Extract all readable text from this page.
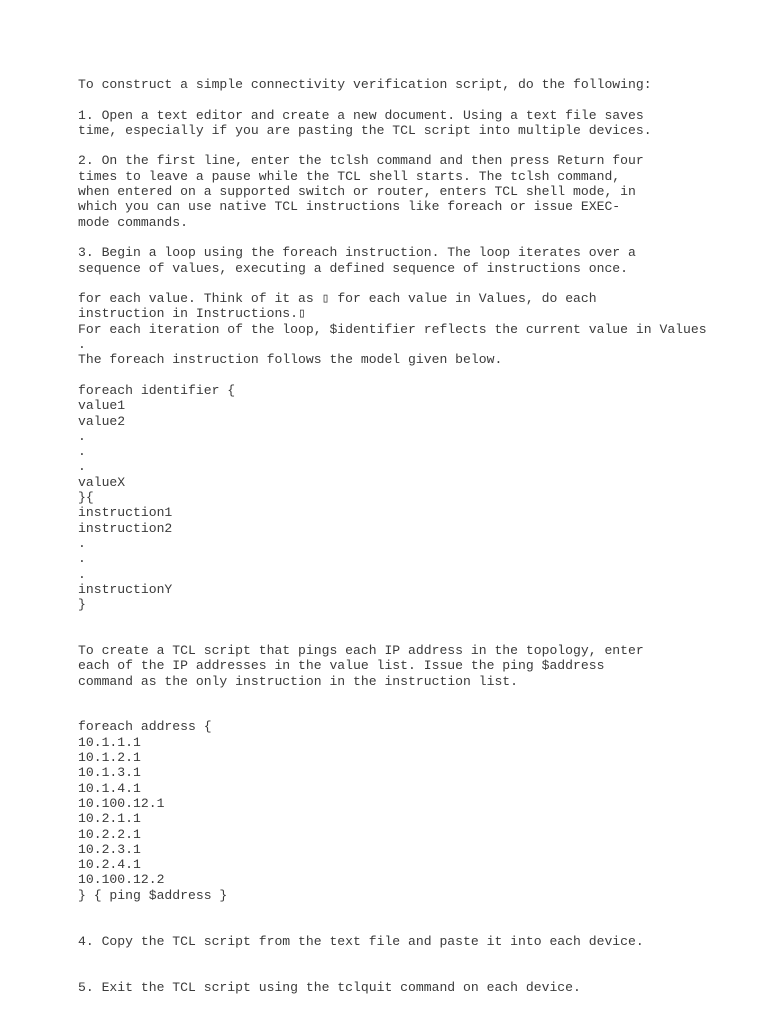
To construct a simple connectivity verification script, do the following:
1. Open a text editor and create a new document. Using a text file saves
time, especially if you are pasting the TCL script into multiple devices.
2. On the first line, enter the tclsh command and then press Return four
times to leave a pause while the TCL shell starts. The tclsh command,
when entered on a supported switch or router, enters TCL shell mode, in
which you can use native TCL instructions like foreach or issue EXEC-
mode commands.
3. Begin a loop using the foreach instruction. The loop iterates over a
sequence of values, executing a defined sequence of instructions once.
for each value. Think of it as ▯ for each value in Values, do each
instruction in Instructions.▯
For each iteration of the loop, $identifier reflects the current value in Values
.
The foreach instruction follows the model given below.
foreach identifier {
value1
value2
.
.
.
valueX
}{
instruction1
instruction2
.
.
.
instructionY
}
To create a TCL script that pings each IP address in the topology, enter
each of the IP addresses in the value list. Issue the ping $address
command as the only instruction in the instruction list.
foreach address {
10.1.1.1
10.1.2.1
10.1.3.1
10.1.4.1
10.100.12.1
10.2.1.1
10.2.2.1
10.2.3.1
10.2.4.1
10.100.12.2
} { ping $address }
4. Copy the TCL script from the text file and paste it into each device.
5. Exit the TCL script using the tclquit command on each device.
